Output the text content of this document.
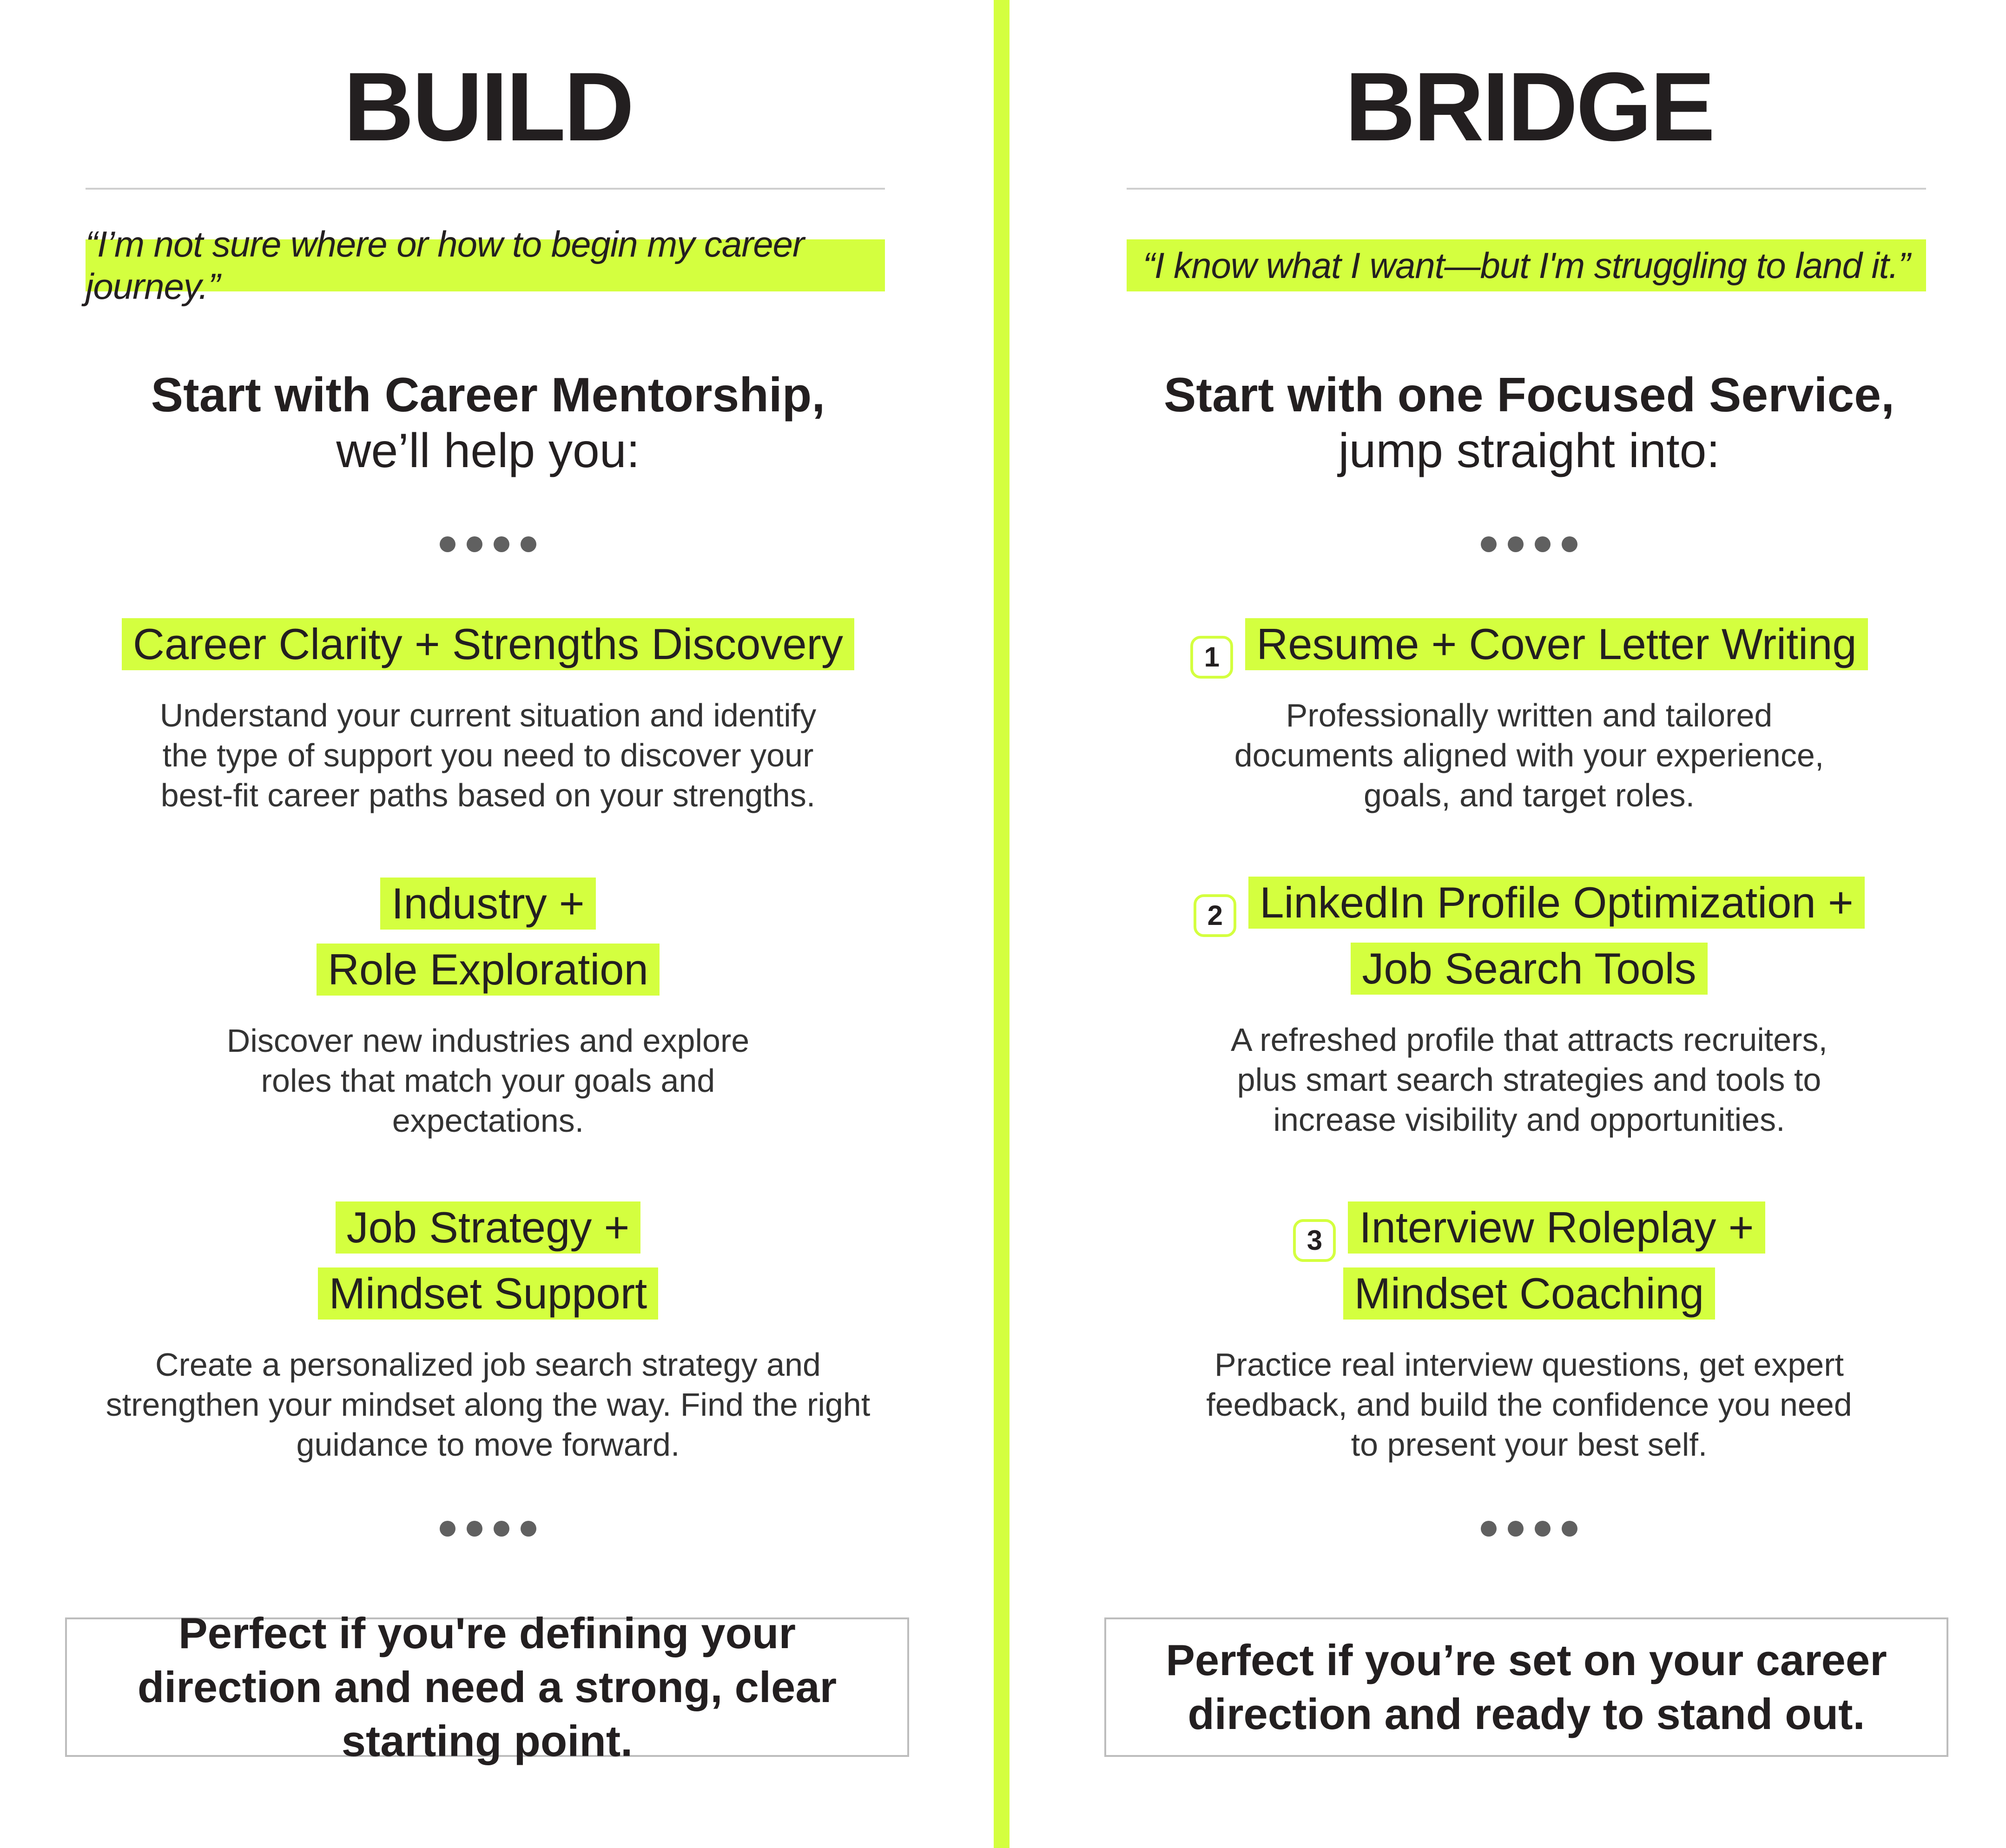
BUILD
“I’m not sure where or how to begin my career journey.”
Start with Career Mentorship,
we’ll help you:
Career Clarity + Strengths Discovery
Understand your current situation and identify the type of support you need to discover your best-fit career paths based on your strengths.
Industry +
Role Exploration
Discover new industries and explore roles that match your goals and expectations.
Job Strategy +
Mindset Support
Create a personalized job search strategy and strengthen your mindset along the way. Find the right guidance to move forward.
Perfect if you're defining your direction and need a strong, clear starting point.
BRIDGE
“I know what I want—but I'm struggling to land it.”
Start with one Focused Service,
jump straight into:
1 Resume + Cover Letter Writing
Professionally written and tailored documents aligned with your experience, goals, and target roles.
2 LinkedIn Profile Optimization +
Job Search Tools
A refreshed profile that attracts recruiters, plus smart search strategies and tools to increase visibility and opportunities.
3 Interview Roleplay +
Mindset Coaching
Practice real interview questions, get expert feedback, and build the confidence you need to present your best self.
Perfect if you’re set on your career direction and ready to stand out.
